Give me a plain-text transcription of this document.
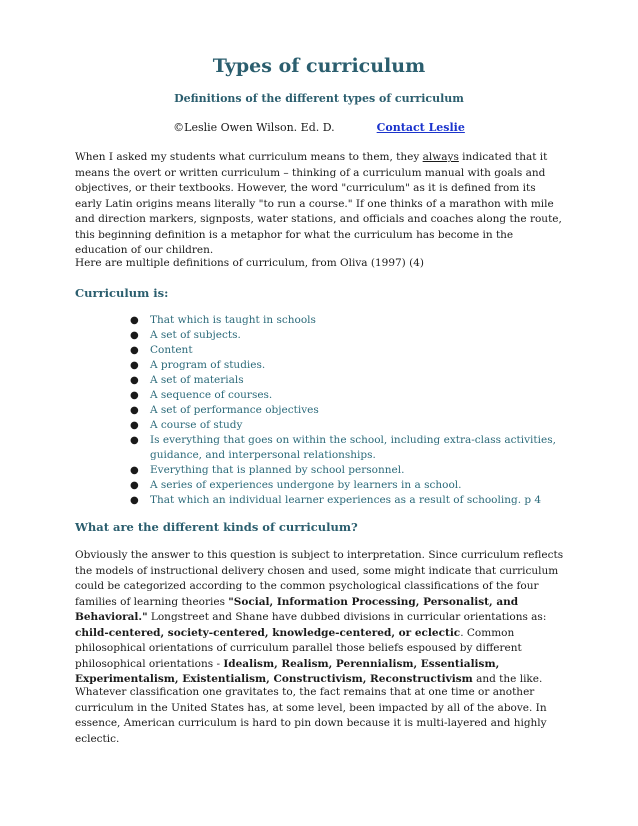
Types of curriculum
Definitions of the different types of curriculum
©Leslie Owen Wilson. Ed. D.	Contact Leslie

When I asked my students what curriculum means to them, they always indicated that it means the overt or written curriculum – thinking of a curriculum manual with goals and objectives, or their textbooks. However, the word "curriculum" as it is defined from its early Latin origins means literally "to run a course." If one thinks of a marathon with mile and direction markers, signposts, water stations, and officials and coaches along the route, this beginning definition is a metaphor for what the curriculum has become in the education of our children.

Here are multiple definitions of curriculum, from Oliva (1997) (4)

Curriculum is:
● That which is taught in schools
● A set of subjects.
● Content
● A program of studies.
● A set of materials
● A sequence of courses.
● A set of performance objectives
● A course of study
● Is everything that goes on within the school, including extra-class activities, guidance, and interpersonal relationships.
● Everything that is planned by school personnel.
● A series of experiences undergone by learners in a school.
● That which an individual learner experiences as a result of schooling. p 4
What are the different kinds of curriculum?

Obviously the answer to this question is subject to interpretation. Since curriculum reflects the models of instructional delivery chosen and used, some might indicate that curriculum could be categorized according to the common psychological classifications of the four families of learning theories "Social, Information Processing, Personalist, and Behavioral." Longstreet and Shane have dubbed divisions in curricular orientations as: child-centered, society-centered, knowledge-centered, or eclectic. Common philosophical orientations of curriculum parallel those beliefs espoused by different philosophical orientations - Idealism, Realism, Perennialism, Essentialism, Experimentalism, Existentialism, Constructivism, Reconstructivism and the like.

Whatever classification one gravitates to, the fact remains that at one time or another curriculum in the United States has, at some level, been impacted by all of the above. In essence, American curriculum is hard to pin down because it is multi-layered and highly eclectic.
